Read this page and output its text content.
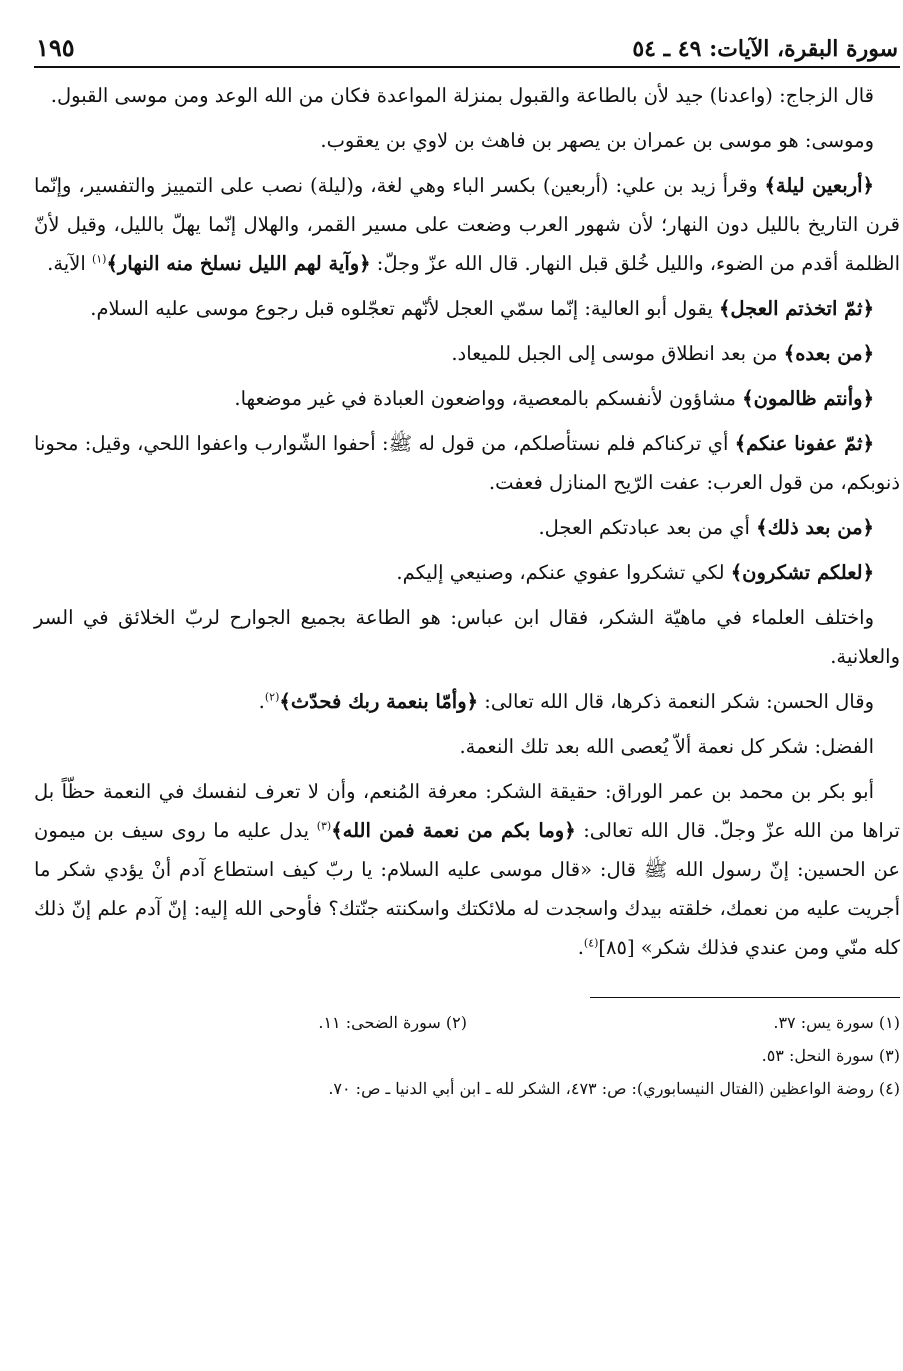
سورة البقرة، الآيات: ٤٩ ـ ٥٤
١٩٥

قال الزجاج: (واعدنا) جيد لأن بالطاعة والقبول بمنزلة المواعدة فكان من الله الوعد ومن موسى القبول.

وموسى: هو موسى بن عمران بن يصهر بن فاهث بن لاوي بن يعقوب.

﴿أربعين ليلة﴾ وقرأ زيد بن علي: (أربعين) بكسر الباء وهي لغة، و(ليلة) نصب على التمييز والتفسير، وإنّما قرن التاريخ بالليل دون النهار؛ لأن شهور العرب وضعت على مسير القمر، والهلال إنّما يهلّ بالليل، وقيل لأنّ الظلمة أقدم من الضوء، والليل خُلق قبل النهار. قال الله عزّ وجلّ: ﴿وآية لهم الليل نسلخ منه النهار﴾$^{(١)}$ الآية.

﴿ثمّ اتخذتم العجل﴾ يقول أبو العالية: إنّما سمّي العجل لأنّهم تعجّلوه قبل رجوع موسى عليه السلام.

﴿من بعده﴾ من بعد انطلاق موسى إلى الجبل للميعاد.

﴿وأنتم ظالمون﴾ مشاؤون لأنفسكم بالمعصية، وواضعون العبادة في غير موضعها.

﴿ثمّ عفونا عنكم﴾ أي تركناكم فلم نستأصلكم، من قول له ﷺ: أحفوا الشّوارب واعفوا اللحي، وقيل: محونا ذنوبكم، من قول العرب: عفت الرّيح المنازل فعفت.

﴿من بعد ذلك﴾ أي من بعد عبادتكم العجل.

﴿لعلكم تشكرون﴾ لكي تشكروا عفوي عنكم، وصنيعي إليكم.

واختلف العلماء في ماهيّة الشكر، فقال ابن عباس: هو الطاعة بجميع الجوارح لربّ الخلائق في السر والعلانية.

وقال الحسن: شكر النعمة ذكرها، قال الله تعالى: ﴿وأمّا بنعمة ربك فحدّث﴾$^{(٢)}$.

الفضل: شكر كل نعمة ألاّ يُعصى الله بعد تلك النعمة.

أبو بكر بن محمد بن عمر الوراق: حقيقة الشكر: معرفة المُنعم، وأن لا تعرف لنفسك في النعمة حظّاً بل تراها من الله عزّ وجلّ. قال الله تعالى: ﴿وما بكم من نعمة فمن الله﴾$^{(٣)}$ يدل عليه ما روى سيف بن ميمون عن الحسين: إنّ رسول الله ﷺ قال: «قال موسى عليه السلام: يا ربّ كيف استطاع آدم أنْ يؤدي شكر ما أجريت عليه من نعمك، خلقته بيدك واسجدت له ملائكتك واسكنته جنّتك؟ فأوحى الله إليه: إنّ آدم علم إنّ ذلك كله منّي ومن عندي فذلك شكر» [٨٥]$^{(٤)}$.

(١) سورة يس: ٣٧.
(٢) سورة الضحى: ١١.
(٣) سورة النحل: ٥٣.
(٤) روضة الواعظين (الفتال النيسابوري): ص: ٤٧٣، الشكر لله ـ ابن أبي الدنيا ـ ص: ٧٠.
